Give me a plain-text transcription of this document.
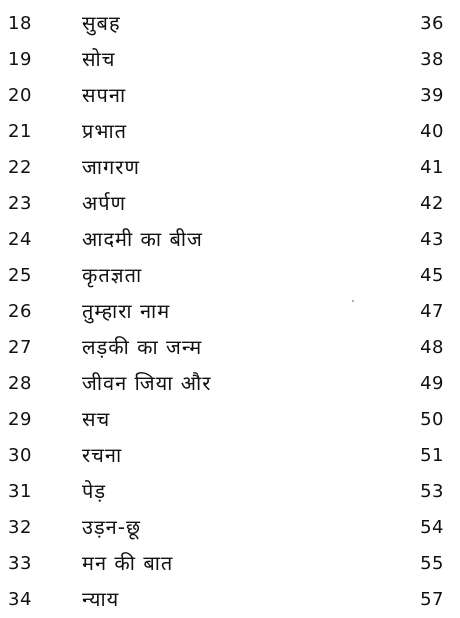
18	सुबह	36
19	सोच	38
20	सपना	39
21	प्रभात	40
22	जागरण	41
23	अर्पण	42
24	आदमी का बीज	43
25	कृतज्ञता	45
26	तुम्हारा नाम	47
27	लड़की का जन्म	48
28	जीवन जिया और	49
29	सच	50
30	रचना	51
31	पेड़	53
32	उड़न-छू	54
33	मन की बात	55
34	न्याय	57
